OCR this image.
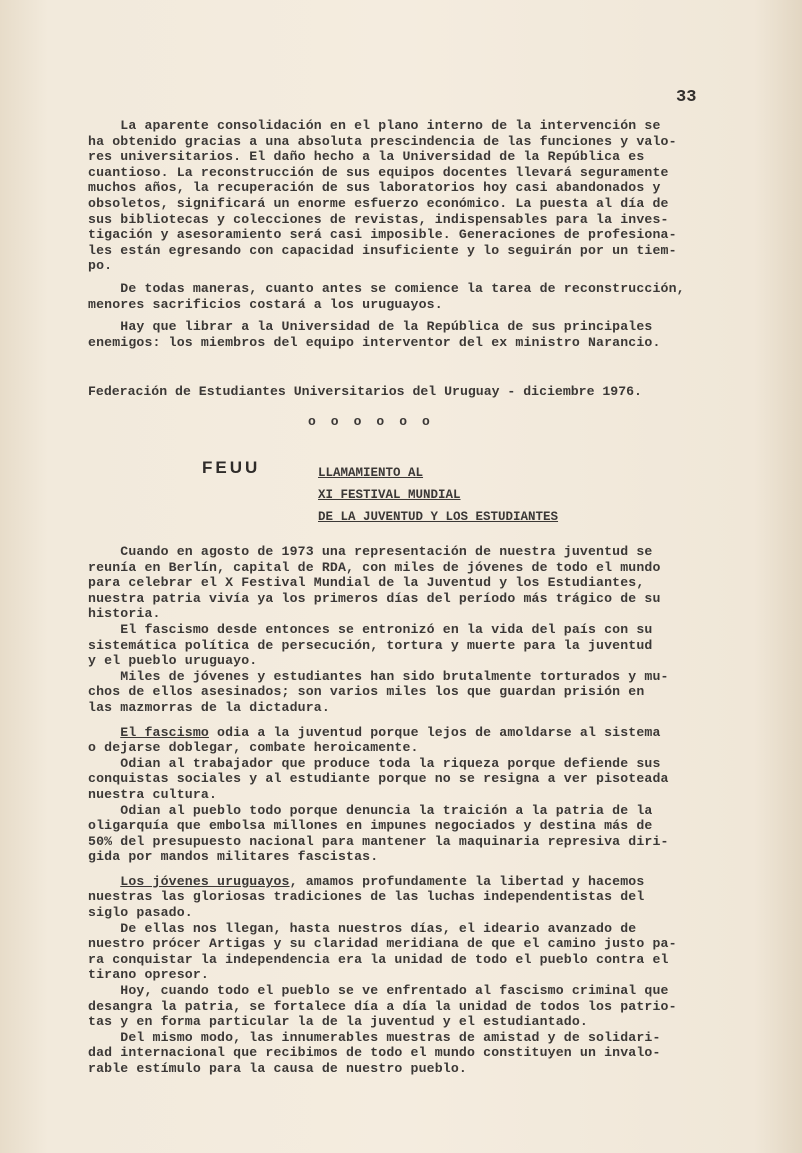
33

La aparente consolidación en el plano interno de la intervención se
ha obtenido gracias a una absoluta prescindencia de las funciones y valo-
res universitarios. El daño hecho a la Universidad de la República es
cuantioso. La reconstrucción de sus equipos docentes llevará seguramente
muchos años, la recuperación de sus laboratorios hoy casi abandonados y
obsoletos, significará un enorme esfuerzo económico. La puesta al día de
sus bibliotecas y colecciones de revistas, indispensables para la inves-
tigación y asesoramiento será casi imposible. Generaciones de profesiona-
les están egresando con capacidad insuficiente y lo seguirán por un tiem-
po.

De todas maneras, cuanto antes se comience la tarea de reconstrucción,
menores sacrificios costará a los uruguayos.

Hay que librar a la Universidad de la República de sus principales
enemigos: los miembros del equipo interventor del ex ministro Narancio.

Federación de Estudiantes Universitarios del Uruguay - diciembre 1976.
oooooo
FEUU	LLAMAMIENTO AL
XI FESTIVAL MUNDIAL
DE LA JUVENTUD Y LOS ESTUDIANTES

Cuando en agosto de 1973 una representación de nuestra juventud se
reunía en Berlín, capital de RDA, con miles de jóvenes de todo el mundo
para celebrar el X Festival Mundial de la Juventud y los Estudiantes,
nuestra patria vivía ya los primeros días del período más trágico de su
historia.

El fascismo desde entonces se entronizó en la vida del país con su
sistemática política de persecución, tortura y muerte para la juventud
y el pueblo uruguayo.

Miles de jóvenes y estudiantes han sido brutalmente torturados y mu-
chos de ellos asesinados; son varios miles los que guardan prisión en
las mazmorras de la dictadura.

El fascismo odia a la juventud porque lejos de amoldarse al sistema
o dejarse doblegar, combate heroicamente.

Odian al trabajador que produce toda la riqueza porque defiende sus
conquistas sociales y al estudiante porque no se resigna a ver pisoteada
nuestra cultura.

Odian al pueblo todo porque denuncia la traición a la patria de la
oligarquía que embolsa millones en impunes negociados y destina más de
50% del presupuesto nacional para mantener la maquinaria represiva diri-
gida por mandos militares fascistas.

Los jóvenes uruguayos, amamos profundamente la libertad y hacemos
nuestras las gloriosas tradiciones de las luchas independentistas del
siglo pasado.

De ellas nos llegan, hasta nuestros días, el ideario avanzado de
nuestro prócer Artigas y su claridad meridiana de que el camino justo pa-
ra conquistar la independencia era la unidad de todo el pueblo contra el
tirano opresor.

Hoy, cuando todo el pueblo se ve enfrentado al fascismo criminal que
desangra la patria, se fortalece día a día la unidad de todos los patrio-
tas y en forma particular la de la juventud y el estudiantado.

Del mismo modo, las innumerables muestras de amistad y de solidari-
dad internacional que recibimos de todo el mundo constituyen un invalo-
rable estímulo para la causa de nuestro pueblo.
